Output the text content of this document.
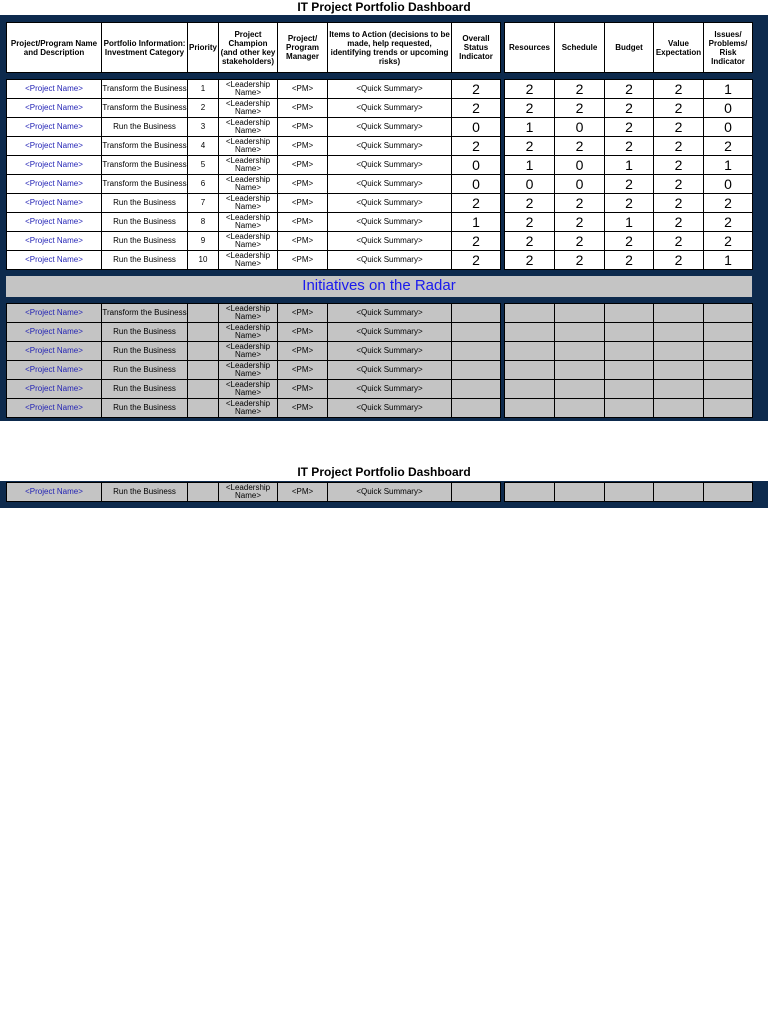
IT Project Portfolio Dashboard
Project/Program Name and Description	Portfolio Information: Investment Category	Priority	Project Champion (and other key stakeholders)	Project/ Program Manager	Items to Action (decisions to be made, help requested, identifying trends or upcoming risks)	Overall Status Indicator		Resources	Schedule	Budget	Value Expectation	Issues/ Problems/ Risk Indicator

<Project Name>	Transform the Business	1	<Leadership Name>	<PM>	<Quick Summary>	2		2	2	2	2	1
<Project Name>	Transform the Business	2	<Leadership Name>	<PM>	<Quick Summary>	2		2	2	2	2	0
<Project Name>	Run the Business	3	<Leadership Name>	<PM>	<Quick Summary>	0		1	0	2	2	0
<Project Name>	Transform the Business	4	<Leadership Name>	<PM>	<Quick Summary>	2		2	2	2	2	2
<Project Name>	Transform the Business	5	<Leadership Name>	<PM>	<Quick Summary>	0		1	0	1	2	1
<Project Name>	Transform the Business	6	<Leadership Name>	<PM>	<Quick Summary>	0		0	0	2	2	0
<Project Name>	Run the Business	7	<Leadership Name>	<PM>	<Quick Summary>	2		2	2	2	2	2
<Project Name>	Run the Business	8	<Leadership Name>	<PM>	<Quick Summary>	1		2	2	1	2	2
<Project Name>	Run the Business	9	<Leadership Name>	<PM>	<Quick Summary>	2		2	2	2	2	2
<Project Name>	Run the Business	10	<Leadership Name>	<PM>	<Quick Summary>	2		2	2	2	2	1
Initiatives on the Radar
<Project Name>	Transform the Business		<Leadership Name>	<PM>	<Quick Summary>							
<Project Name>	Run the Business		<Leadership Name>	<PM>	<Quick Summary>							
<Project Name>	Run the Business		<Leadership Name>	<PM>	<Quick Summary>							
<Project Name>	Run the Business		<Leadership Name>	<PM>	<Quick Summary>							
<Project Name>	Run the Business		<Leadership Name>	<PM>	<Quick Summary>							
<Project Name>	Run the Business		<Leadership Name>	<PM>	<Quick Summary>							
IT Project Portfolio Dashboard
<Project Name>	Run the Business		<Leadership Name>	<PM>	<Quick Summary>							
